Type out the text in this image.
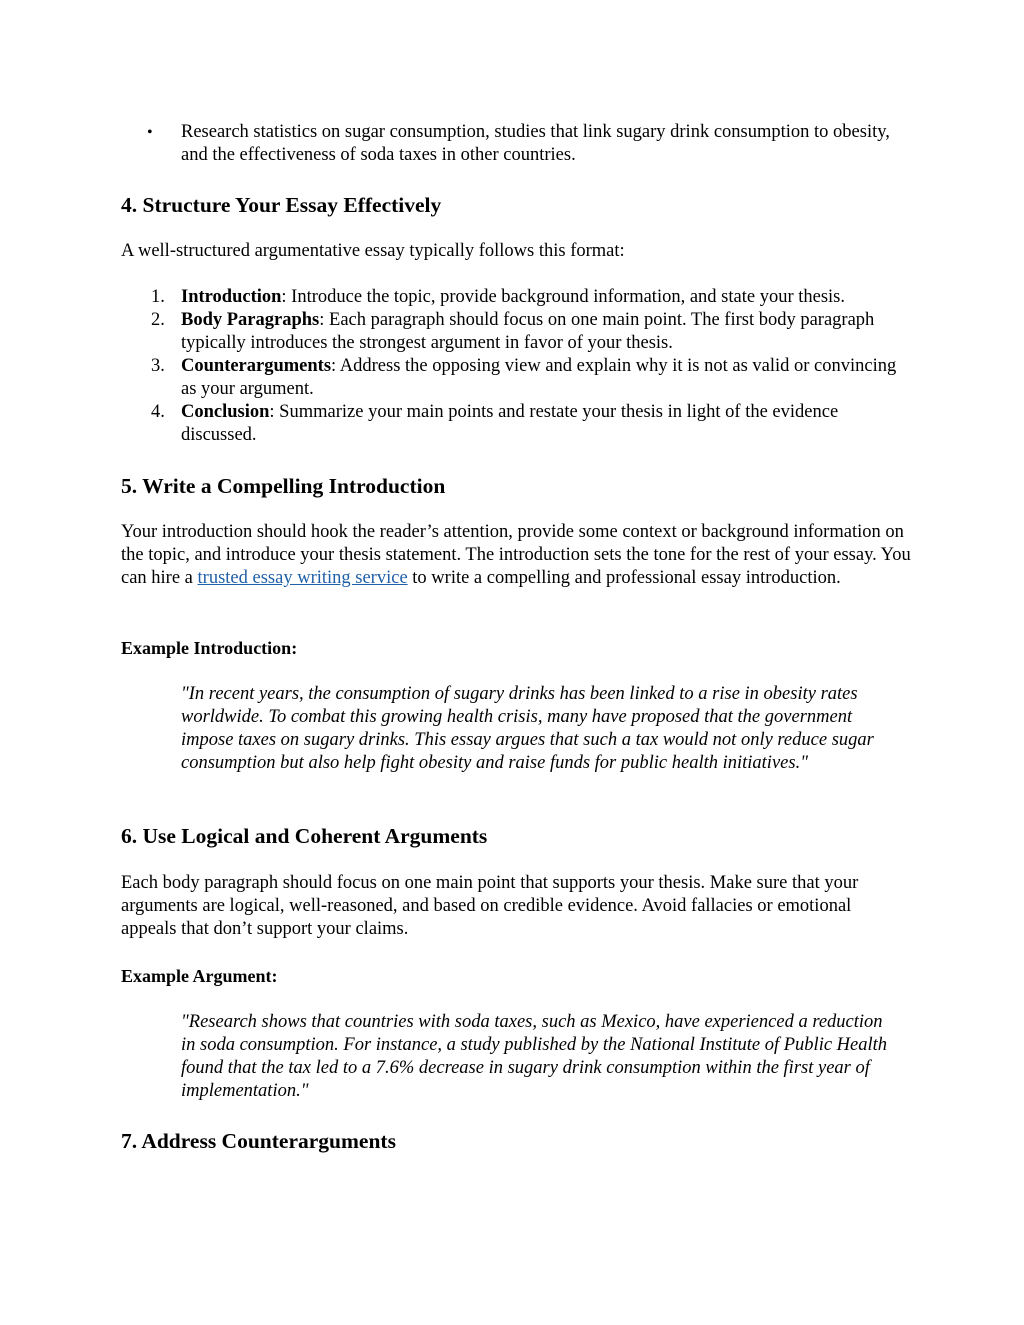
• Research statistics on sugar consumption, studies that link sugary drink consumption to obesity, and the effectiveness of soda taxes in other countries.
4. Structure Your Essay Effectively

A well-structured argumentative essay typically follows this format:

1. Introduction: Introduce the topic, provide background information, and state your thesis.
2. Body Paragraphs: Each paragraph should focus on one main point. The first body paragraph typically introduces the strongest argument in favor of your thesis.
3. Counterarguments: Address the opposing view and explain why it is not as valid or convincing as your argument.
4. Conclusion: Summarize your main points and restate your thesis in light of the evidence discussed.
5. Write a Compelling Introduction

Your introduction should hook the reader’s attention, provide some context or background information on the topic, and introduce your thesis statement. The introduction sets the tone for the rest of your essay. You can hire a trusted essay writing service to write a compelling and professional essay introduction.

Example Introduction:

"In recent years, the consumption of sugary drinks has been linked to a rise in obesity rates worldwide. To combat this growing health crisis, many have proposed that the government impose taxes on sugary drinks. This essay argues that such a tax would not only reduce sugar consumption but also help fight obesity and raise funds for public health initiatives."
6. Use Logical and Coherent Arguments

Each body paragraph should focus on one main point that supports your thesis. Make sure that your arguments are logical, well-reasoned, and based on credible evidence. Avoid fallacies or emotional appeals that don’t support your claims.

Example Argument:

"Research shows that countries with soda taxes, such as Mexico, have experienced a reduction in soda consumption. For instance, a study published by the National Institute of Public Health found that the tax led to a 7.6% decrease in sugary drink consumption within the first year of implementation."
7. Address Counterarguments
